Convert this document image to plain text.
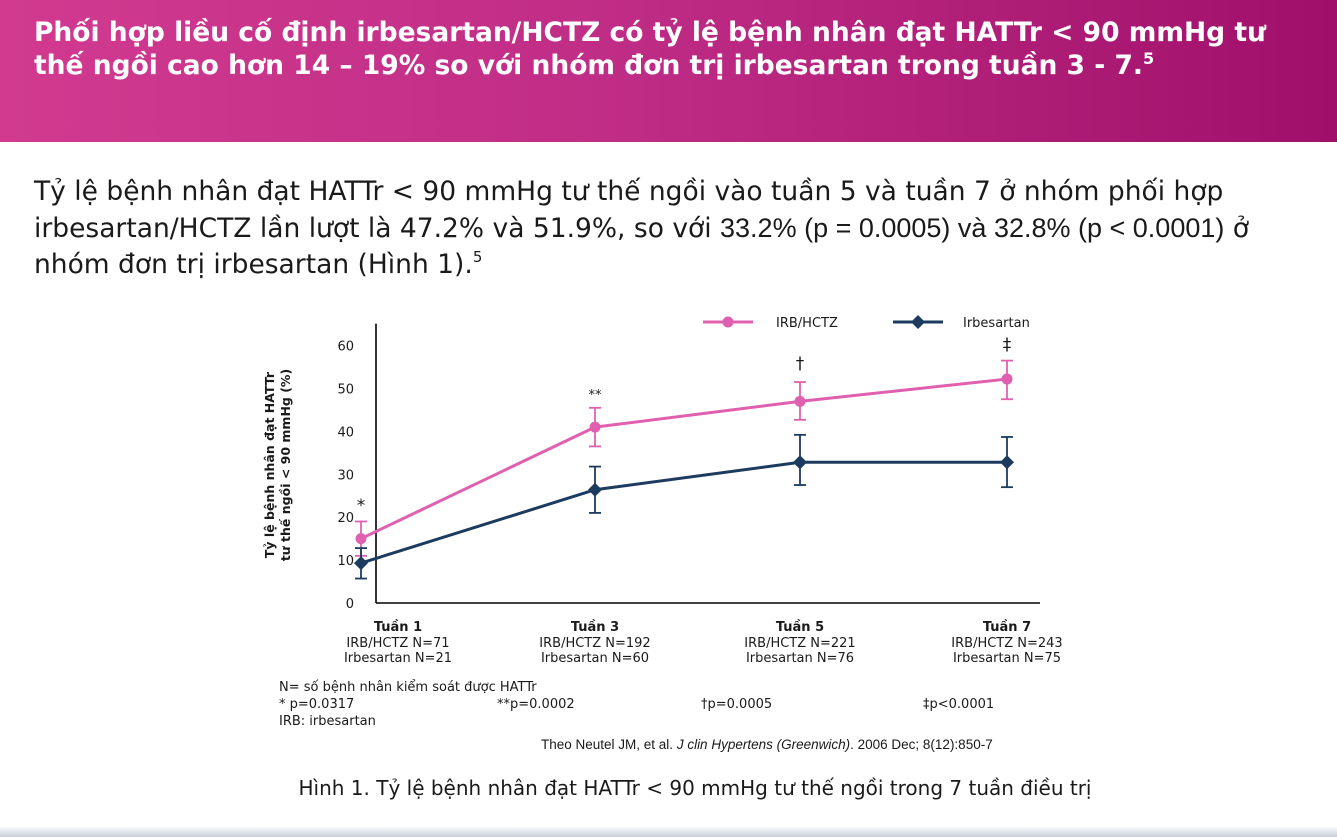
Phối hợp liều cố định irbesartan/HCTZ có tỷ lệ bệnh nhân đạt HATTr < 90 mmHg tư thế ngồi cao hơn 14 – 19% so với nhóm đơn trị irbesartan trong tuần 3 - 7.$^5$
Tỷ lệ bệnh nhân đạt HATTr < 90 mmHg tư thế ngồi vào tuần 5 và tuần 7 ở nhóm phối hợp irbesartan/HCTZ lần lượt là 47.2% và 51.9%, so với 33.2% (p = 0.0005) và 32.8% (p < 0.0001) ở nhóm đơn trị irbesartan (Hình 1).$^5$
0
10
20
30
40
50
60
Tỷ lệ bệnh nhân đạt HATTrtư thế ngồi < 90 mmHg (%)
Tuần 1
IRB/HCTZ N=71
Irbesartan N=21
Tuần 3
IRB/HCTZ N=192
Irbesartan N=60
Tuần 5
IRB/HCTZ N=221
Irbesartan N=76
Tuần 7
IRB/HCTZ N=243
Irbesartan N=75
*
**
†
‡
IRB/HCTZ	Irbesartan
N= số bệnh nhân kiểm soát được HATTr
* p=0.0317	**p=0.0002	†p=0.0005	‡p<0.0001
IRB: irbesartan
Theo Neutel JM, et al. J clin Hypertens (Greenwich). 2006 Dec; 8(12):850-7
Hình 1. Tỷ lệ bệnh nhân đạt HATTr < 90 mmHg tư thế ngồi trong 7 tuần điều trị
